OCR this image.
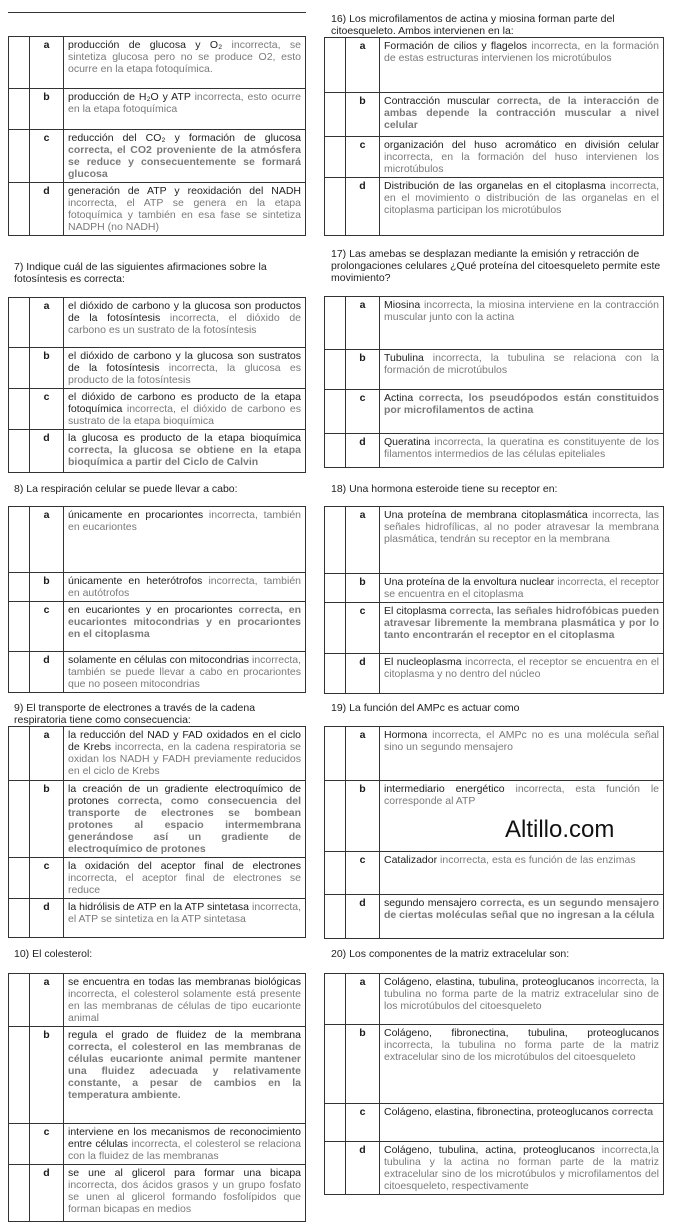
Altillo.com
	a	producción de glucosa y O₂ incorrecta, se sintetiza glucosa pero no se produce O2, esto ocurre en la etapa fotoquímica.
	b	producción de H₂O y ATP incorrecta, esto ocurre en la etapa fotoquímica
	c	reducción del CO₂ y formación de glucosa correcta, el CO2 proveniente de la atmósfera se reduce y consecuentemente se formará glucosa
	d	generación de ATP y reoxidación del NADH incorrecta, el ATP se genera en la etapa fotoquímica y también en esa fase se sintetiza NADPH (no NADH)
7) Indique cuál de las siguientes afirmaciones sobre la fotosíntesis es correcta:
	a	el dióxido de carbono y la glucosa son productos de la fotosíntesis incorrecta, el dióxido de carbono es un sustrato de la fotosíntesis
	b	el dióxido de carbono y la glucosa son sustratos de la fotosíntesis incorrecta, la glucosa es producto de la fotosíntesis
	c	el dióxido de carbono es producto de la etapa fotoquímica incorrecta, el dióxido de carbono es sustrato de la etapa bioquímica
	d	la glucosa es producto de la etapa bioquímica correcta, la glucosa se obtiene en la etapa bioquímica a partir del Ciclo de Calvin
8) La respiración celular se puede llevar a cabo:
	a	únicamente en procariontes incorrecta, también en eucariontes
	b	únicamente en heterótrofos incorrecta, también en autótrofos
	c	en eucariontes y en procariontes correcta, en eucariontes mitocondrias y en procariontes en el citoplasma
	d	solamente en células con mitocondrias incorrecta, también se puede llevar a cabo en procariontes que no poseen mitocondrias
9) El transporte de electrones a través de la cadena respiratoria tiene como consecuencia:
	a	la reducción del NAD y FAD oxidados en el ciclo de Krebs incorrecta, en la cadena respiratoria se oxidan los NADH y FADH previamente reducidos en el ciclo de Krebs
	b	la creación de un gradiente electroquímico de protones correcta, como consecuencia del transporte de electrones se bombean protones al espacio intermembrana generándose así un gradiente de electroquímico de protones
	c	la oxidación del aceptor final de electrones incorrecta, el aceptor final de electrones se reduce
	d	la hidrólisis de ATP en la ATP sintetasa incorrecta, el ATP se sintetiza en la ATP sintetasa
10) El colesterol:
	a	se encuentra en todas las membranas biológicas incorrecta, el colesterol solamente está presente en las membranas de células de tipo eucarionte animal
	b	regula el grado de fluidez de la membrana correcta, el colesterol en las membranas de células eucarionte animal permite mantener una fluidez adecuada y relativamente constante, a pesar de cambios en la temperatura ambiente.
	c	interviene en los mecanismos de reconocimiento entre células incorrecta, el colesterol se relaciona con la fluidez de las membranas
	d	se une al glicerol para formar una bicapa incorrecta, dos ácidos grasos y un grupo fosfato se unen al glicerol formando fosfolípidos que forman bicapas en medios
16) Los microfilamentos de actina y miosina forman parte del citoesqueleto. Ambos intervienen en la:
	a	Formación de cilios y flagelos incorrecta, en la formación de estas estructuras intervienen los microtúbulos
	b	Contracción muscular correcta, de la interacción de ambas depende la contracción muscular a nivel celular
	c	organización del huso acromático en división celular incorrecta, en la formación del huso intervienen los microtúbulos
	d	Distribución de las organelas en el citoplasma incorrecta, en el movimiento o distribución de las organelas en el citoplasma participan los microtúbulos
17) Las amebas se desplazan mediante la emisión y retracción de prolongaciones celulares ¿Qué proteína del citoesqueleto permite este movimiento?
	a	Miosina incorrecta, la miosina interviene en la contracción muscular junto con la actina
	b	Tubulina incorrecta, la tubulina se relaciona con la formación de microtúbulos
	c	Actina correcta, los pseudópodos están constituidos por microfilamentos de actina
	d	Queratina incorrecta, la queratina es constituyente de los filamentos intermedios de las células epiteliales
18) Una hormona esteroide tiene su receptor en:
	a	Una proteína de membrana citoplasmática incorrecta, las señales hidrofílicas, al no poder atravesar la membrana plasmática, tendrán su receptor en la membrana
	b	Una proteína de la envoltura nuclear incorrecta, el receptor se encuentra en el citoplasma
	c	El citoplasma correcta, las señales hidrofóbicas pueden atravesar libremente la membrana plasmática y por lo tanto encontrarán el receptor en el citoplasma
	d	El nucleoplasma incorrecta, el receptor se encuentra en el citoplasma y no dentro del núcleo
19) La función del AMPc es actuar como
	a	Hormona incorrecta, el AMPc no es una molécula señal sino un segundo mensajero
	b	intermediario energético incorrecta, esta función le corresponde al ATP
	c	Catalizador incorrecta, esta es función de las enzimas
	d	segundo mensajero correcta, es un segundo mensajero de ciertas moléculas señal que no ingresan a la célula
20) Los componentes de la matriz extracelular son:
	a	Colágeno, elastina, tubulina, proteoglucanos incorrecta, la tubulina no forma parte de la matriz extracelular sino de los microtúbulos del citoesqueleto
	b	Colágeno, fibronectina, tubulina, proteoglucanos incorrecta, la tubulina no forma parte de la matriz extracelular sino de los microtúbulos del citoesqueleto
	c	Colágeno, elastina, fibronectina, proteoglucanos correcta
	d	Colágeno, tubulina, actina, proteoglucanos incorrecta,la tubulina y la actina no forman parte de la matriz extracelular sino de los microtúbulos y microfilamentos del citoesqueleto, respectivamente
